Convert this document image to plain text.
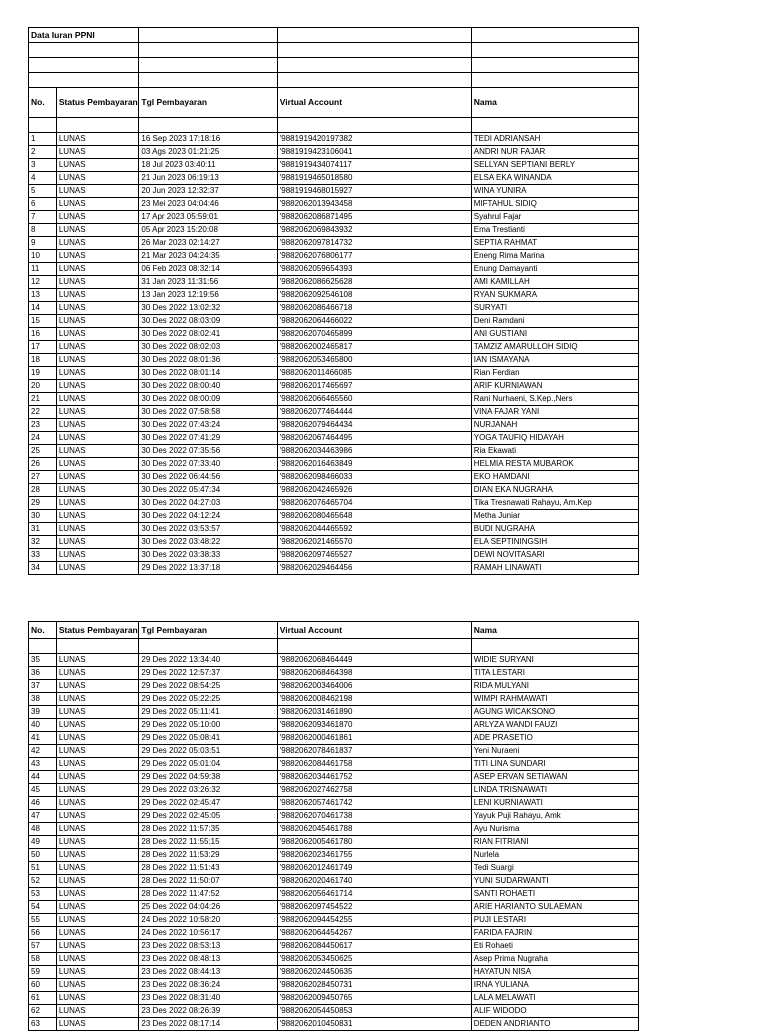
Data Iuran PPNI				

No.	Status Pembayaran	Tgl Pembayaran	Virtual Account	Nama

1	LUNAS	16 Sep 2023 17:18:16	'9881919420197382	TEDI ADRIANSAH
2	LUNAS	03 Ags 2023 01:21:25	'9881919423106041	ANDRI NUR FAJAR
3	LUNAS	18 Jul 2023 03:40:11	'9881919434074117	SELLYAN SEPTIANI BERLY
4	LUNAS	21 Jun 2023 06:19:13	'9881919465018580	ELSA EKA WINANDA
5	LUNAS	20 Jun 2023 12:32:37	'9881919468015927	WINA YUNIRA
6	LUNAS	23 Mei 2023 04:04:46	'9882062013943458	MIFTAHUL SIDIQ
7	LUNAS	17 Apr 2023 05:59:01	'9882062086871495	Syahrul Fajar
8	LUNAS	05 Apr 2023 15:20:08	'9882062069843932	Ema Trestianti
9	LUNAS	26 Mar 2023 02:14:27	'9882062097814732	SEPTIA RAHMAT
10	LUNAS	21 Mar 2023 04:24:35	'9882062076806177	Eneng Rima Marina
11	LUNAS	06 Feb 2023 08:32:14	'9882062059654393	Enung Damayanti
12	LUNAS	31 Jan 2023 11:31:56	'9882062086625628	AMI KAMILLAH
13	LUNAS	13 Jan 2023 12:19:56	'9882062092546108	RYAN SUKMARA
14	LUNAS	30 Des 2022 13:02:32	'9882062086466718	SURYATI
15	LUNAS	30 Des 2022 08:03:09	'9882062064466022	Deni Ramdani
16	LUNAS	30 Des 2022 08:02:41	'9882062070465899	ANI GUSTIANI
17	LUNAS	30 Des 2022 08:02:03	'9882062002465817	TAMZIZ AMARULLOH SIDIQ
18	LUNAS	30 Des 2022 08:01:36	'9882062053465800	IAN ISMAYANA
19	LUNAS	30 Des 2022 08:01:14	'9882062011466085	Rian Ferdian
20	LUNAS	30 Des 2022 08:00:40	'9882062017465697	ARIF KURNIAWAN
21	LUNAS	30 Des 2022 08:00:09	'9882062066465560	Rani Nurhaeni, S.Kep.,Ners
22	LUNAS	30 Des 2022 07:58:58	'9882062077464444	VINA FAJAR YANI
23	LUNAS	30 Des 2022 07:43:24	'9882062079464434	NURJANAH
24	LUNAS	30 Des 2022 07:41:29	'9882062067464495	YOGA TAUFIQ HIDAYAH
25	LUNAS	30 Des 2022 07:35:56	'9882062034463986	Ria Ekawati
26	LUNAS	30 Des 2022 07:33:40	'9882062016463849	HELMIA RESTA MUBAROK
27	LUNAS	30 Des 2022 06:44:56	'9882062098466033	EKO HAMDANI
28	LUNAS	30 Des 2022 05:47:34	'9882062042465926	DIAN EKA NUGRAHA
29	LUNAS	30 Des 2022 04:27:03	'9882062076465704	Tika Tresnawati Rahayu, Am.Kep
30	LUNAS	30 Des 2022 04:12:24	'9882062080465648	Metha Juniar
31	LUNAS	30 Des 2022 03:53:57	'9882062044465592	BUDI NUGRAHA
32	LUNAS	30 Des 2022 03:48:22	'9882062021465570	ELA SEPTININGSIH
33	LUNAS	30 Des 2022 03:38:33	'9882062097465527	DEWI NOVITASARI
34	LUNAS	29 Des 2022 13:37:18	'9882062029464456	RAMAH LINAWATI
No.	Status Pembayaran	Tgl Pembayaran	Virtual Account	Nama

35	LUNAS	29 Des 2022 13:34:40	'9882062068464449	WIDIE SURYANI
36	LUNAS	29 Des 2022 12:57:37	'9882062068464398	TITA LESTARI
37	LUNAS	29 Des 2022 08:54:25	'9882062003464006	RIDA MULYANI
38	LUNAS	29 Des 2022 05:22:25	'9882062008462198	WIMPI RAHMAWATI
39	LUNAS	29 Des 2022 05:11:41	'9882062031461890	AGUNG WICAKSONO
40	LUNAS	29 Des 2022 05:10:00	'9882062093461870	ARLYZA WANDI FAUZI
41	LUNAS	29 Des 2022 05:08:41	'9882062000461861	ADE PRASETIO
42	LUNAS	29 Des 2022 05:03:51	'9882062078461837	Yeni Nuraeni
43	LUNAS	29 Des 2022 05:01:04	'9882062084461758	TITI LINA SUNDARI
44	LUNAS	29 Des 2022 04:59:38	'9882062034461752	ASEP ERVAN SETIAWAN
45	LUNAS	29 Des 2022 03:26:32	'9882062027462758	LINDA TRISNAWATI
46	LUNAS	29 Des 2022 02:45:47	'9882062057461742	LENI KURNIAWATI
47	LUNAS	29 Des 2022 02:45:05	'9882062070461738	Yayuk Puji Rahayu, Amk
48	LUNAS	28 Des 2022 11:57:35	'9882062045461788	Ayu Nurisma
49	LUNAS	28 Des 2022 11:55:15	'9882062005461780	RIAN FITRIANI
50	LUNAS	28 Des 2022 11:53:29	'9882062023461755	Nurlela
51	LUNAS	28 Des 2022 11:51:43	'9882062012461749	Tedi Suargi
52	LUNAS	28 Des 2022 11:50:07	'9882062020461740	YUNI SUDARWANTI
53	LUNAS	28 Des 2022 11:47:52	'9882062056461714	SANTI ROHAETI
54	LUNAS	25 Des 2022 04:04:26	'9882062097454522	ARIE HARIANTO SULAEMAN
55	LUNAS	24 Des 2022 10:58:20	'9882062094454255	PUJI LESTARI
56	LUNAS	24 Des 2022 10:56:17	'9882062064454267	FARIDA FAJRIN
57	LUNAS	23 Des 2022 08:53:13	'9882062084450617	Eti Rohaeti
58	LUNAS	23 Des 2022 08:48:13	'9882062053450625	Asep Prima Nugraha
59	LUNAS	23 Des 2022 08:44:13	'9882062024450635	HAYATUN NISA
60	LUNAS	23 Des 2022 08:36:24	'9882062028450731	IRNA YULIANA
61	LUNAS	23 Des 2022 08:31:40	'9882062009450765	LALA MELAWATI
62	LUNAS	23 Des 2022 08:26:39	'9882062054450853	ALIF WIDODO
63	LUNAS	23 Des 2022 08:17:14	'9882062010450831	DEDEN ANDRIANTO
